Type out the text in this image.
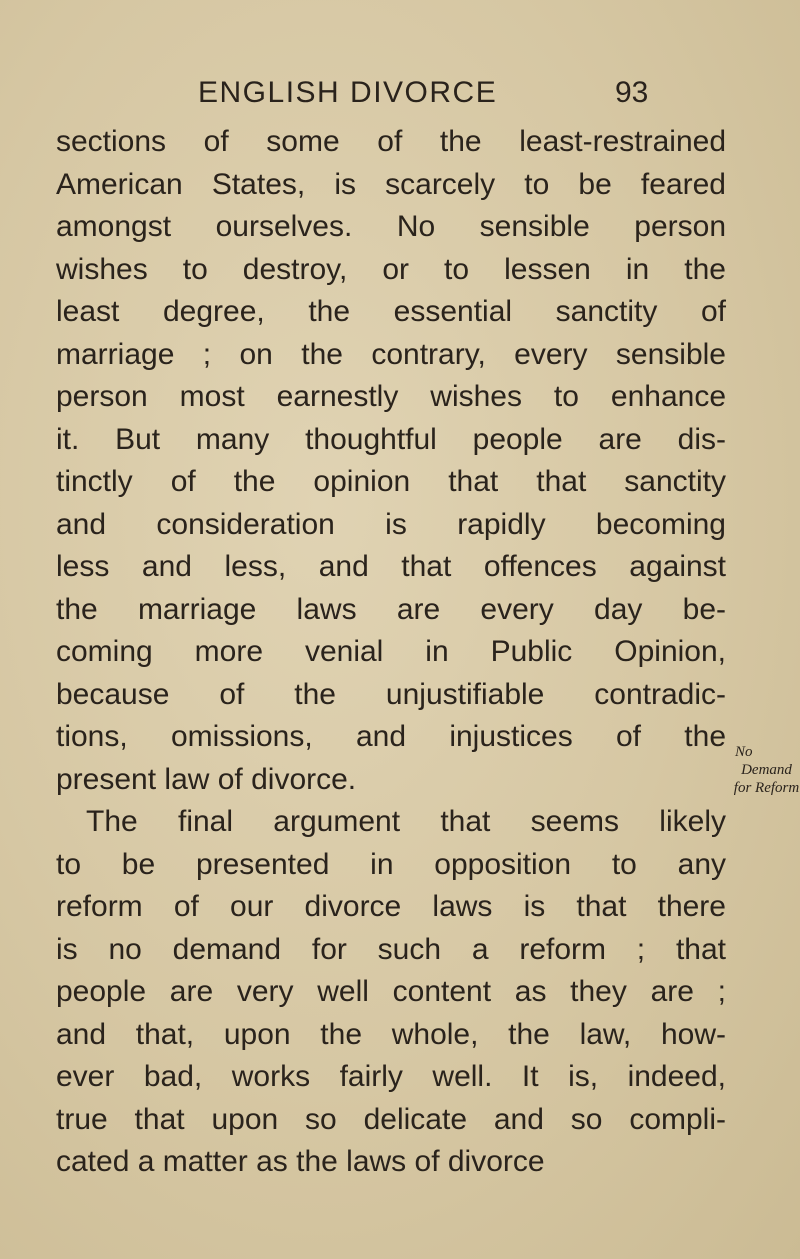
ENGLISH DIVORCE	93
sections of some of the least-restrained
American States, is scarcely to be feared
amongst ourselves. No sensible person
wishes to destroy, or to lessen in the
least degree, the essential sanctity of
marriage ; on the contrary, every sensible
person most earnestly wishes to enhance
it. But many thoughtful people are dis-
tinctly of the opinion that that sanctity
and consideration is rapidly becoming
less and less, and that offences against
the marriage laws are every day be-
coming more venial in Public Opinion,
because of the unjustifiable contradic-
tions, omissions, and injustices of the
present law of divorce.
The final argument that seems likely
to be presented in opposition to any
reform of our divorce laws is that there
is no demand for such a reform ; that
people are very well content as they are ;
and that, upon the whole, the law, how-
ever bad, works fairly well. It is, indeed,
true that upon so delicate and so compli-
cated a matter as the laws of divorce
No
Demand
for Reform
